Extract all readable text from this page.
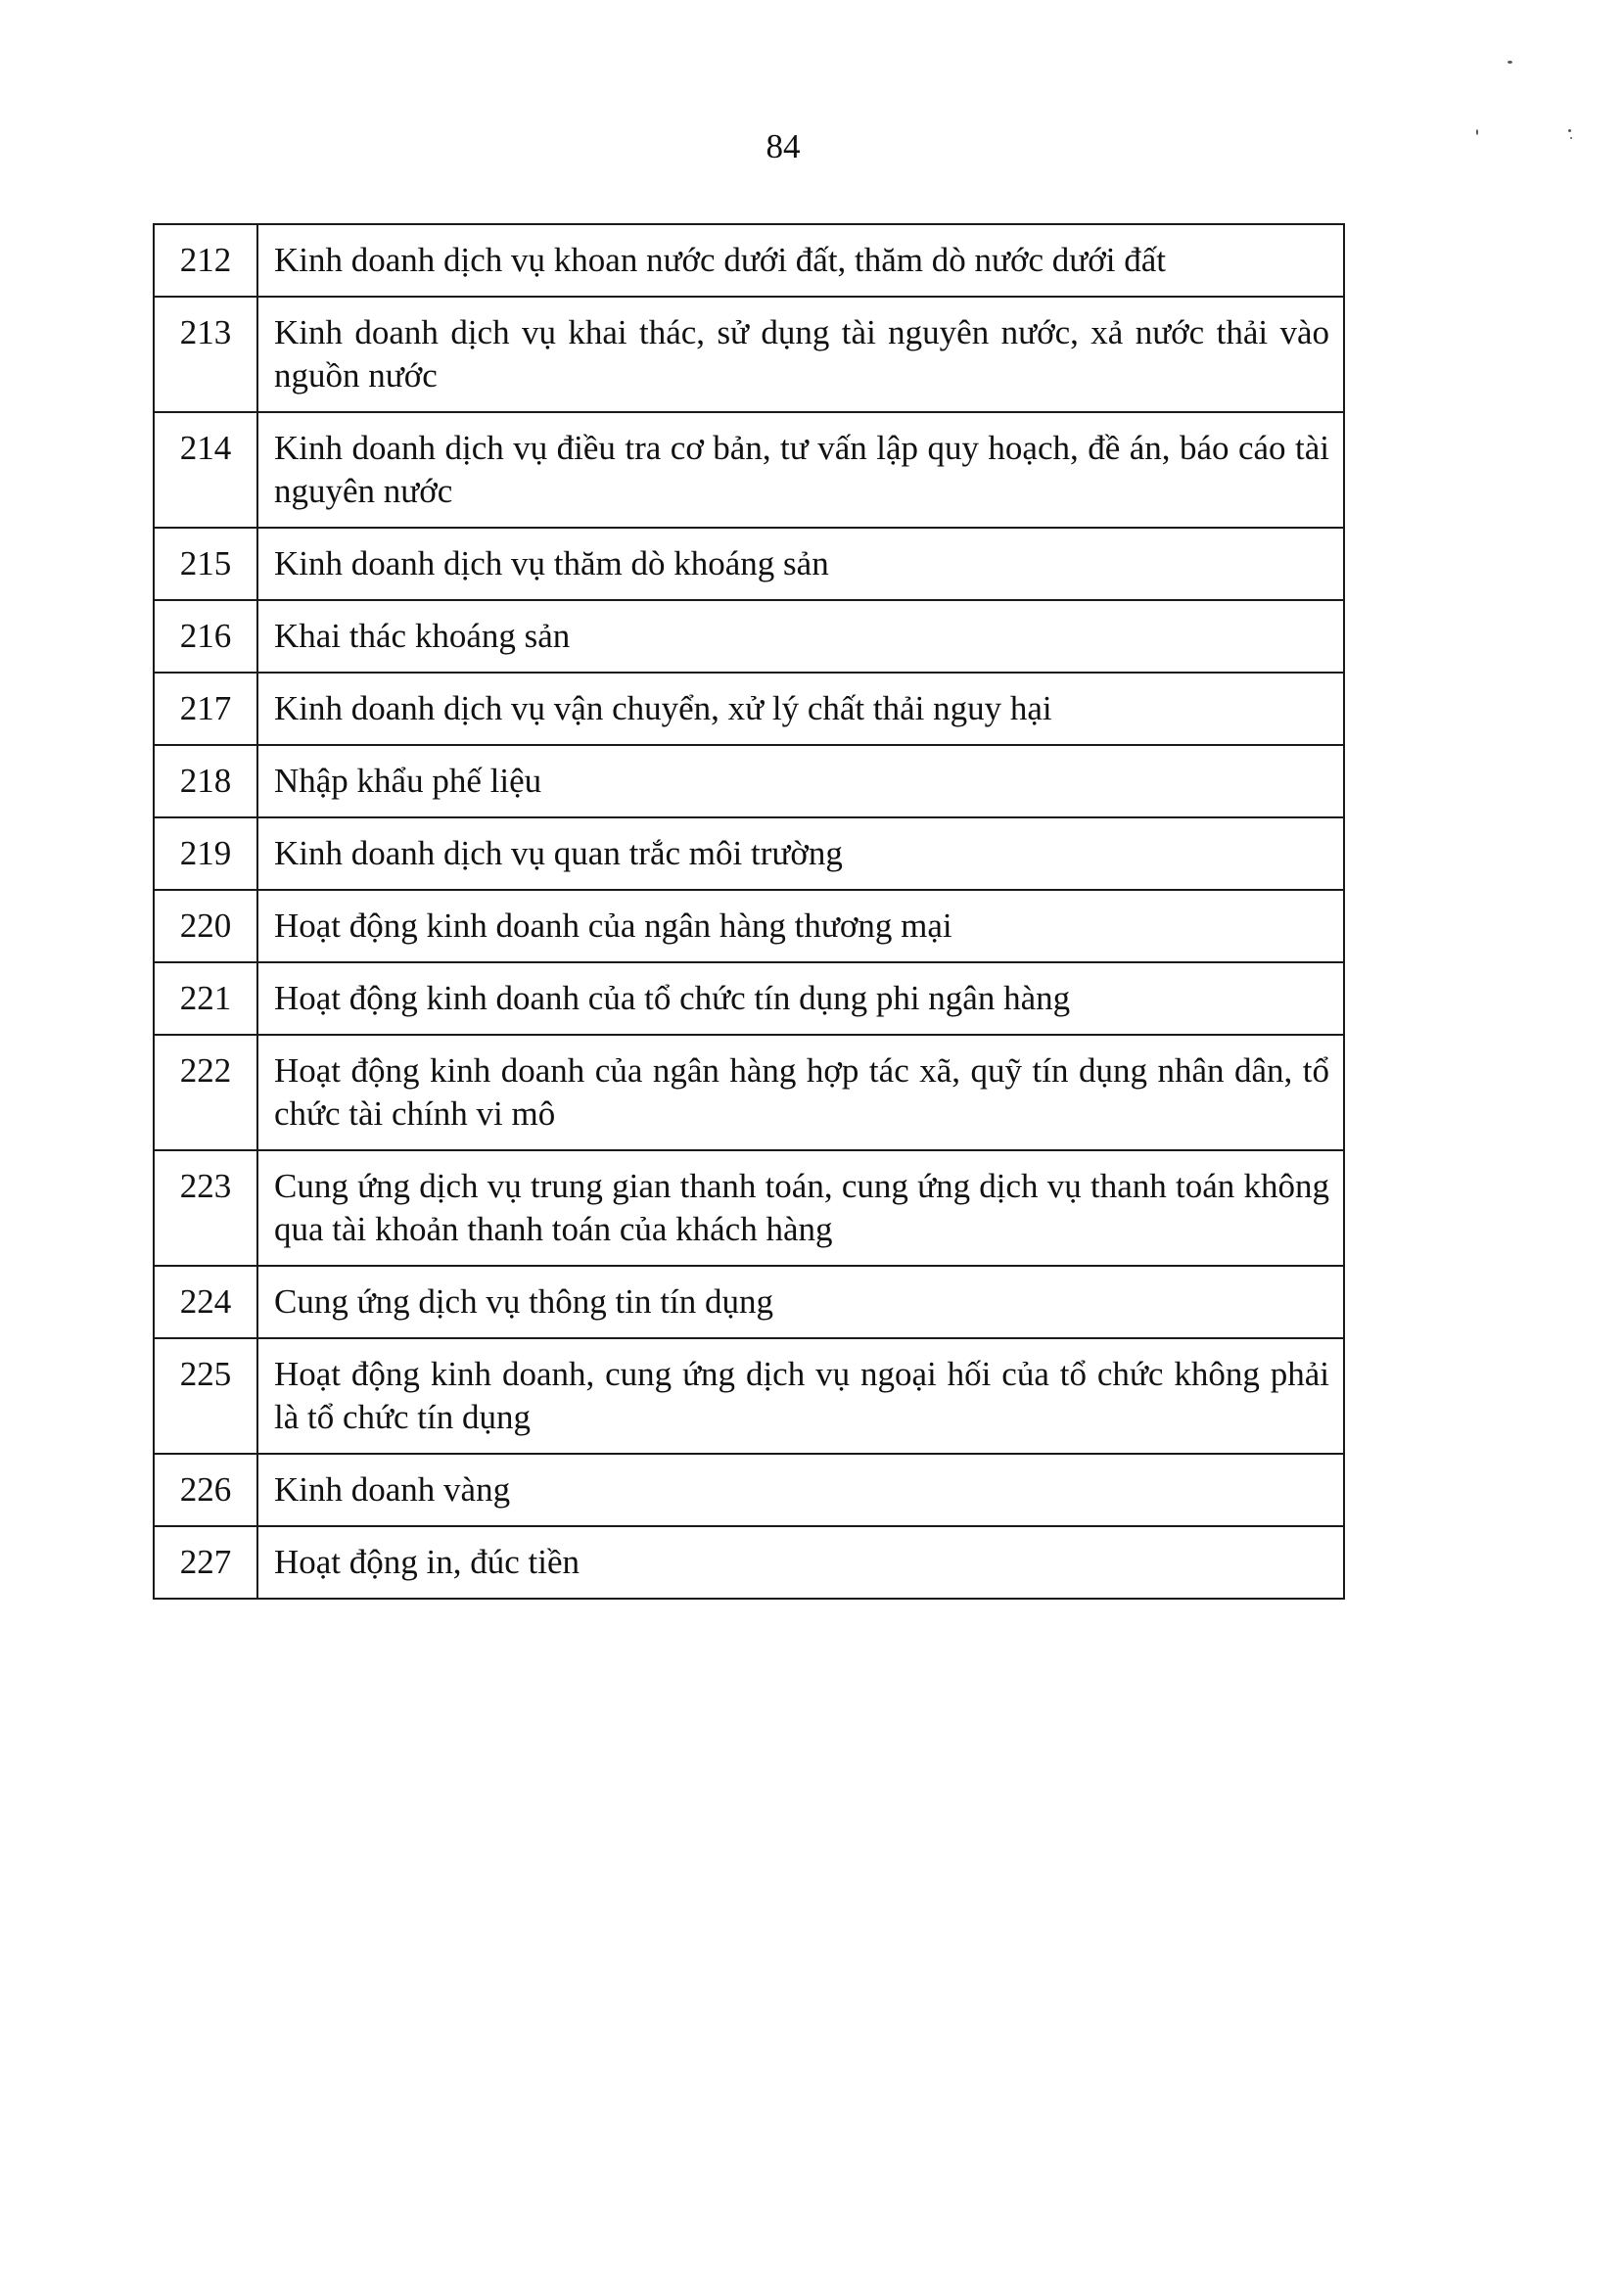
84
212	Kinh doanh dịch vụ khoan nước dưới đất, thăm dò nước dưới đất
213	Kinh doanh dịch vụ khai thác, sử dụng tài nguyên nước, xả nước thải vào nguồn nước
214	Kinh doanh dịch vụ điều tra cơ bản, tư vấn lập quy hoạch, đề án, báo cáo tài nguyên nước
215	Kinh doanh dịch vụ thăm dò khoáng sản
216	Khai thác khoáng sản
217	Kinh doanh dịch vụ vận chuyển, xử lý chất thải nguy hại
218	Nhập khẩu phế liệu
219	Kinh doanh dịch vụ quan trắc môi trường
220	Hoạt động kinh doanh của ngân hàng thương mại
221	Hoạt động kinh doanh của tổ chức tín dụng phi ngân hàng
222	Hoạt động kinh doanh của ngân hàng hợp tác xã, quỹ tín dụng nhân dân, tổ chức tài chính vi mô
223	Cung ứng dịch vụ trung gian thanh toán, cung ứng dịch vụ thanh toán không qua tài khoản thanh toán của khách hàng
224	Cung ứng dịch vụ thông tin tín dụng
225	Hoạt động kinh doanh, cung ứng dịch vụ ngoại hối của tổ chức không phải là tổ chức tín dụng
226	Kinh doanh vàng
227	Hoạt động in, đúc tiền
